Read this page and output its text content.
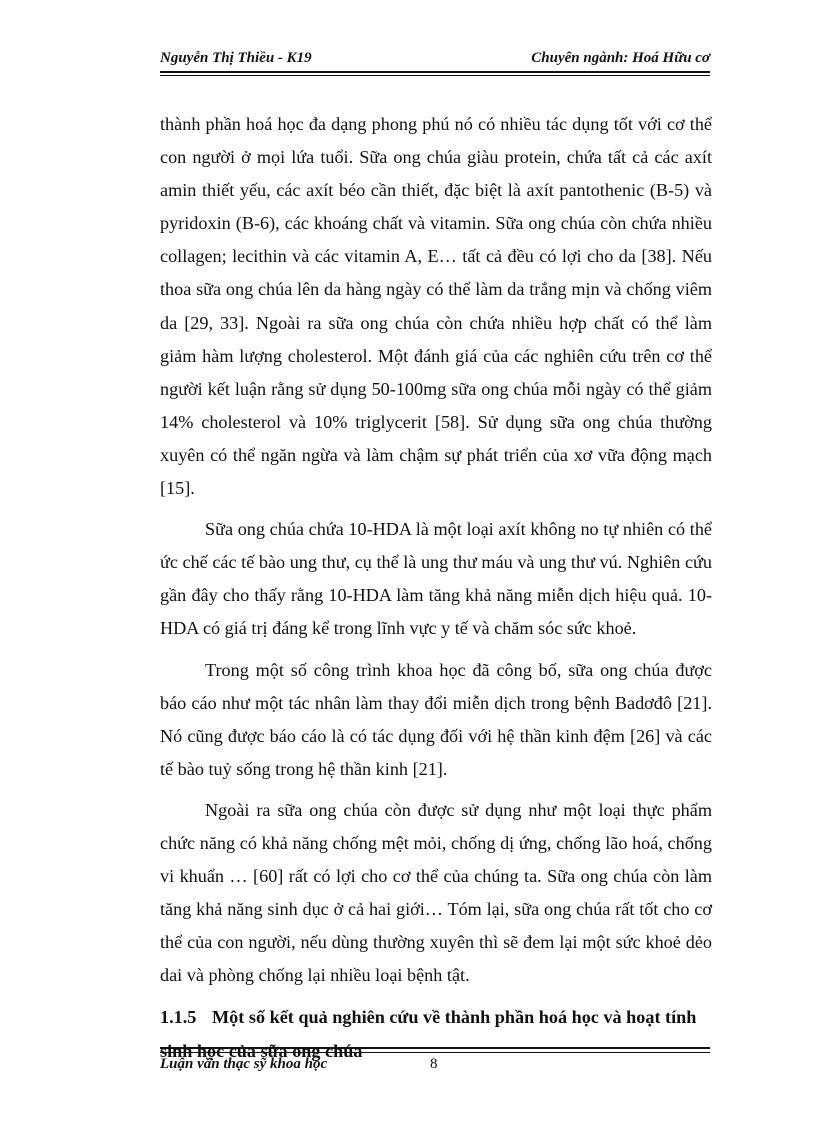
Nguyễn Thị Thiều - K19	Chuyên ngành: Hoá Hữu cơ

thành phần hoá học đa dạng phong phú nó có nhiều tác dụng tốt với cơ thể con người ở mọi lứa tuổi. Sữa ong chúa giàu protein, chứa tất cả các axít amin thiết yếu, các axít béo cần thiết, đặc biệt là axít pantothenic (B-5) và pyridoxin (B-6), các khoáng chất và vitamin. Sữa ong chúa còn chứa nhiều collagen; lecithin và các vitamin A, E… tất cả đều có lợi cho da [38]. Nếu thoa sữa ong chúa lên da hàng ngày có thể làm da trắng mịn và chống viêm da [29, 33]. Ngoài ra sữa ong chúa còn chứa nhiều hợp chất có thể làm giảm hàm lượng cholesterol. Một đánh giá của các nghiên cứu trên cơ thể người kết luận rằng sử dụng 50-100mg sữa ong chúa mỗi ngày có thể giảm 14% cholesterol và 10% triglycerit [58]. Sử dụng sữa ong chúa thường xuyên có thể ngăn ngừa và làm chậm sự phát triển của xơ vữa động mạch [15].

Sữa ong chúa chứa 10-HDA là một loại axít không no tự nhiên có thể ức chế các tế bào ung thư, cụ thể là ung thư máu và ung thư vú. Nghiên cứu gần đây cho thấy rằng 10-HDA làm tăng khả năng miễn dịch hiệu quả. 10- HDA có giá trị đáng kể trong lĩnh vực y tế và chăm sóc sức khoẻ.

Trong một số công trình khoa học đã công bố, sữa ong chúa được báo cáo như một tác nhân làm thay đổi miễn dịch trong bệnh Badơđô [21]. Nó cũng được báo cáo là có tác dụng đối với hệ thần kinh đệm [26] và các tế bào tuỷ sống trong hệ thần kinh [21].

Ngoài ra sữa ong chúa còn được sử dụng như một loại thực phẩm chức năng có khả năng chống mệt mỏi, chống dị ứng, chống lão hoá, chống vi khuẩn … [60] rất có lợi cho cơ thể của chúng ta. Sữa ong chúa còn làm tăng khả năng sinh dục ở cả hai giới… Tóm lại, sữa ong chúa rất tốt cho cơ thể của con người, nếu dùng thường xuyên thì sẽ đem lại một sức khoẻ dẻo dai và phòng chống lại nhiều loại bệnh tật.

1.1.5 Một số kết quả nghiên cứu về thành phần hoá học và hoạt tính sinh học của sữa ong chúa
Luận văn thạc sỹ khoa học	8
